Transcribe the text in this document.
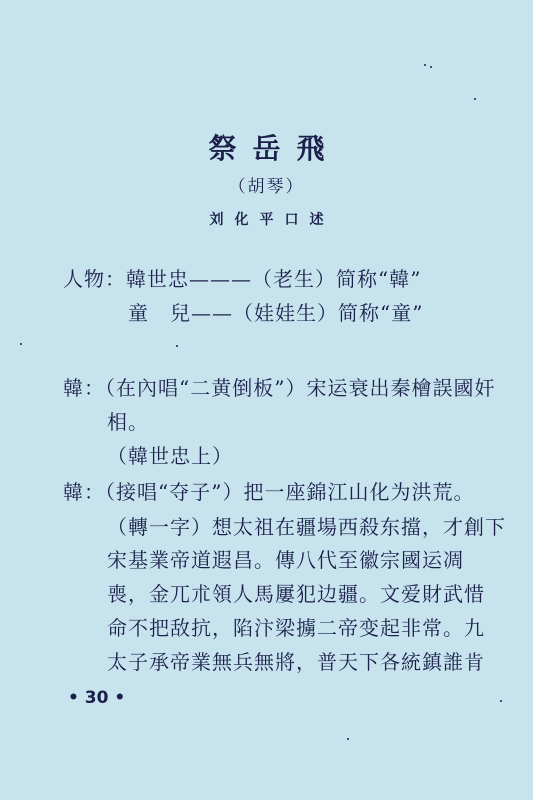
祭岳飛
（胡琴）
刘化平口述
人物：韓世忠———（老生）简称“韓”
童　兒——（娃娃生）简称“童”
韓：（在內唱“二黄倒板”）宋运衰出秦檜誤國奸
相。
（韓世忠上）
韓：（接唱“夺子”）把一座錦江山化为洪荒。
（轉一字）想太祖在疆場西殺东擋，才創下
宋基業帝道遐昌。傳八代至徽宗國运凋
喪，金兀朮領人馬屢犯边疆。文爱財武惜
命不把敌抗，陷汴梁擄二帝变起非常。九
太子承帝業無兵無將，普天下各統鎮誰肯
• 30 •
